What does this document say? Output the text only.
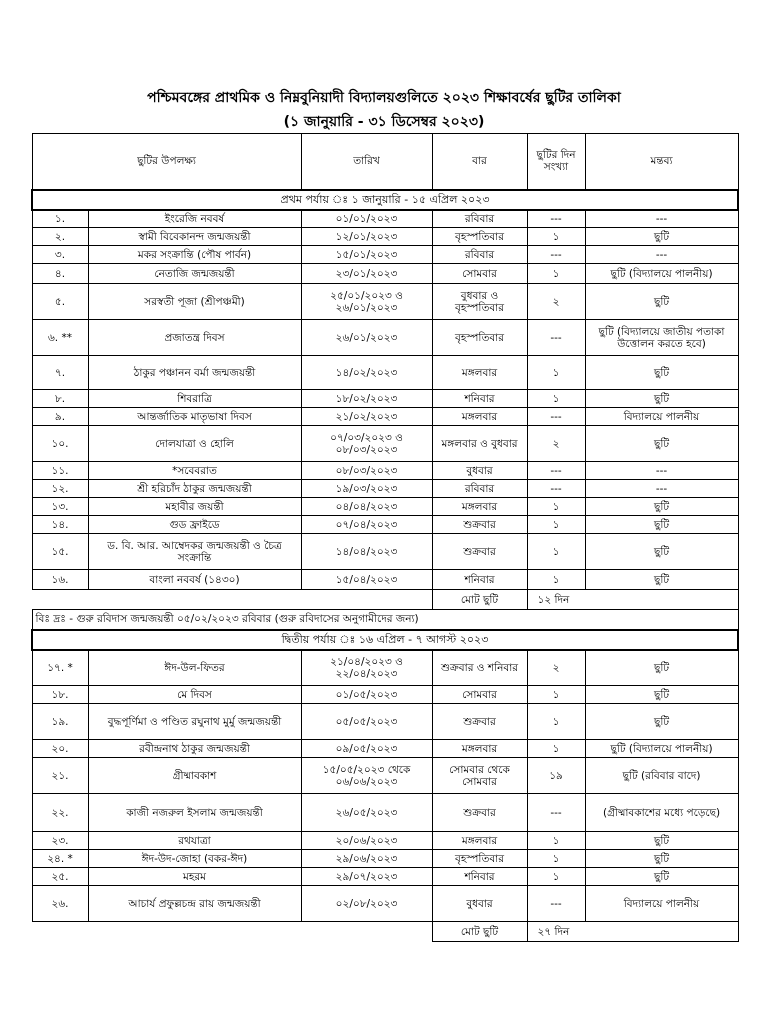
পশ্চিমবঙ্গের প্রাথমিক ও নিম্নবুনিয়াদী বিদ্যালয়গুলিতে ২০২৩ শিক্ষাবর্ষের ছুটির তালিকা
(১ জানুয়ারি - ৩১ ডিসেম্বর ২০২৩)
ছুটির উপলক্ষ্য		তারিখ	বার	ছুটির দিন সংখ্যা	মন্তব্য
প্রথম পর্যায় ঃ ১ জানুয়ারি - ১৫ এপ্রিল ২০২৩					
১.	ইংরেজি নববর্ষ	০১/০১/২০২৩	রবিবার	---	---
২.	স্বামী বিবেকানন্দ জন্মজয়ন্তী	১২/০১/২০২৩	বৃহস্পতিবার	১	ছুটি
৩.	মকর সংক্রান্তি (পৌষ পার্বন)	১৫/০১/২০২৩	রবিবার	---	---
৪.	নেতাজি জন্মজয়ন্তী	২৩/০১/২০২৩	সোমবার	১	ছুটি (বিদ্যালয়ে পালনীয়)
৫.	সরস্বতী পূজা (শ্রীপঞ্চমী)	২৫/০১/২০২৩ ও ২৬/০১/২০২৩	বুধবার ও বৃহস্পতিবার	২	ছুটি
৬. **	প্রজাতন্ত্র দিবস	২৬/০১/২০২৩	বৃহস্পতিবার	---	ছুটি (বিদ্যালয়ে জাতীয় পতাকা উত্তোলন করতে হবে)
৭.	ঠাকুর পঞ্চানন বর্মা জন্মজয়ন্তী	১৪/০২/২০২৩	মঙ্গলবার	১	ছুটি
৮.	শিবরাত্রি	১৮/০২/২০২৩	শনিবার	১	ছুটি
৯.	আন্তর্জাতিক মাতৃভাষা দিবস	২১/০২/২০২৩	মঙ্গলবার	---	বিদ্যালয়ে পালনীয়
১০.	দোলযাত্রা ও হোলি	০৭/০৩/২০২৩ ও ০৮/০৩/২০২৩	মঙ্গলবার ও বুধবার	২	ছুটি
১১.	*সবেবরাত	০৮/০৩/২০২৩	বুধবার	---	---
১২.	শ্রী হরিচাঁদ ঠাকুর জন্মজয়ন্তী	১৯/০৩/২০২৩	রবিবার	---	---
১৩.	মহাবীর জয়ন্তী	০৪/০৪/২০২৩	মঙ্গলবার	১	ছুটি
১৪.	গুড ফ্রাইডে	০৭/০৪/২০২৩	শুক্রবার	১	ছুটি
১৫.	ড. বি. আর. আম্বেদকর জন্মজয়ন্তী ও চৈত্র সংক্রান্তি	১৪/০৪/২০২৩	শুক্রবার	১	ছুটি
১৬.	বাংলা নববর্ষ (১৪৩০)	১৫/০৪/২০২৩	শনিবার	১	ছুটি
			মোট ছুটি	১২ দিন	
বিঃ দ্রঃ - গুরু রবিদাস জন্মজয়ন্তী ০৫/০২/২০২৩ রবিবার (গুরু রবিদাসের অনুগামীদের জন্য)					
দ্বিতীয় পর্যায় ঃ ১৬ এপ্রিল - ৭ আগস্ট ২০২৩					
১৭. *	ঈদ-উল-ফিতর	২১/০৪/২০২৩ ও ২২/০৪/২০২৩	শুক্রবার ও শনিবার	২	ছুটি
১৮.	মে দিবস	০১/০৫/২০২৩	সোমবার	১	ছুটি
১৯.	বুদ্ধপূর্ণিমা ও পণ্ডিত রঘুনাথ মুর্মু জন্মজয়ন্তী	০৫/০৫/২০২৩	শুক্রবার	১	ছুটি
২০.	রবীন্দ্রনাথ ঠাকুর জন্মজয়ন্তী	০৯/০৫/২০২৩	মঙ্গলবার	১	ছুটি (বিদ্যালয়ে পালনীয়)
২১.	গ্রীষ্মাবকাশ	১৫/০৫/২০২৩ থেকে ০৬/০৬/২০২৩	সোমবার থেকে সোমবার	১৯	ছুটি (রবিবার বাদে)
২২.	কাজী নজরুল ইসলাম জন্মজয়ন্তী	২৬/০৫/২০২৩	শুক্রবার	---	(গ্রীষ্মাবকাশের মধ্যে পড়েছে)
২৩.	রথযাত্রা	২০/০৬/২০২৩	মঙ্গলবার	১	ছুটি
২৪. *	ঈদ-উদ-জোহা (বকর-ঈদ)	২৯/০৬/২০২৩	বৃহস্পতিবার	১	ছুটি
২৫.	মহরম	২৯/০৭/২০২৩	শনিবার	১	ছুটি
২৬.	আচার্য প্রফুল্লচন্দ্র রায় জন্মজয়ন্তী	০২/০৮/২০২৩	বুধবার	---	বিদ্যালয়ে পালনীয়
			মোট ছুটি	২৭ দিন	
